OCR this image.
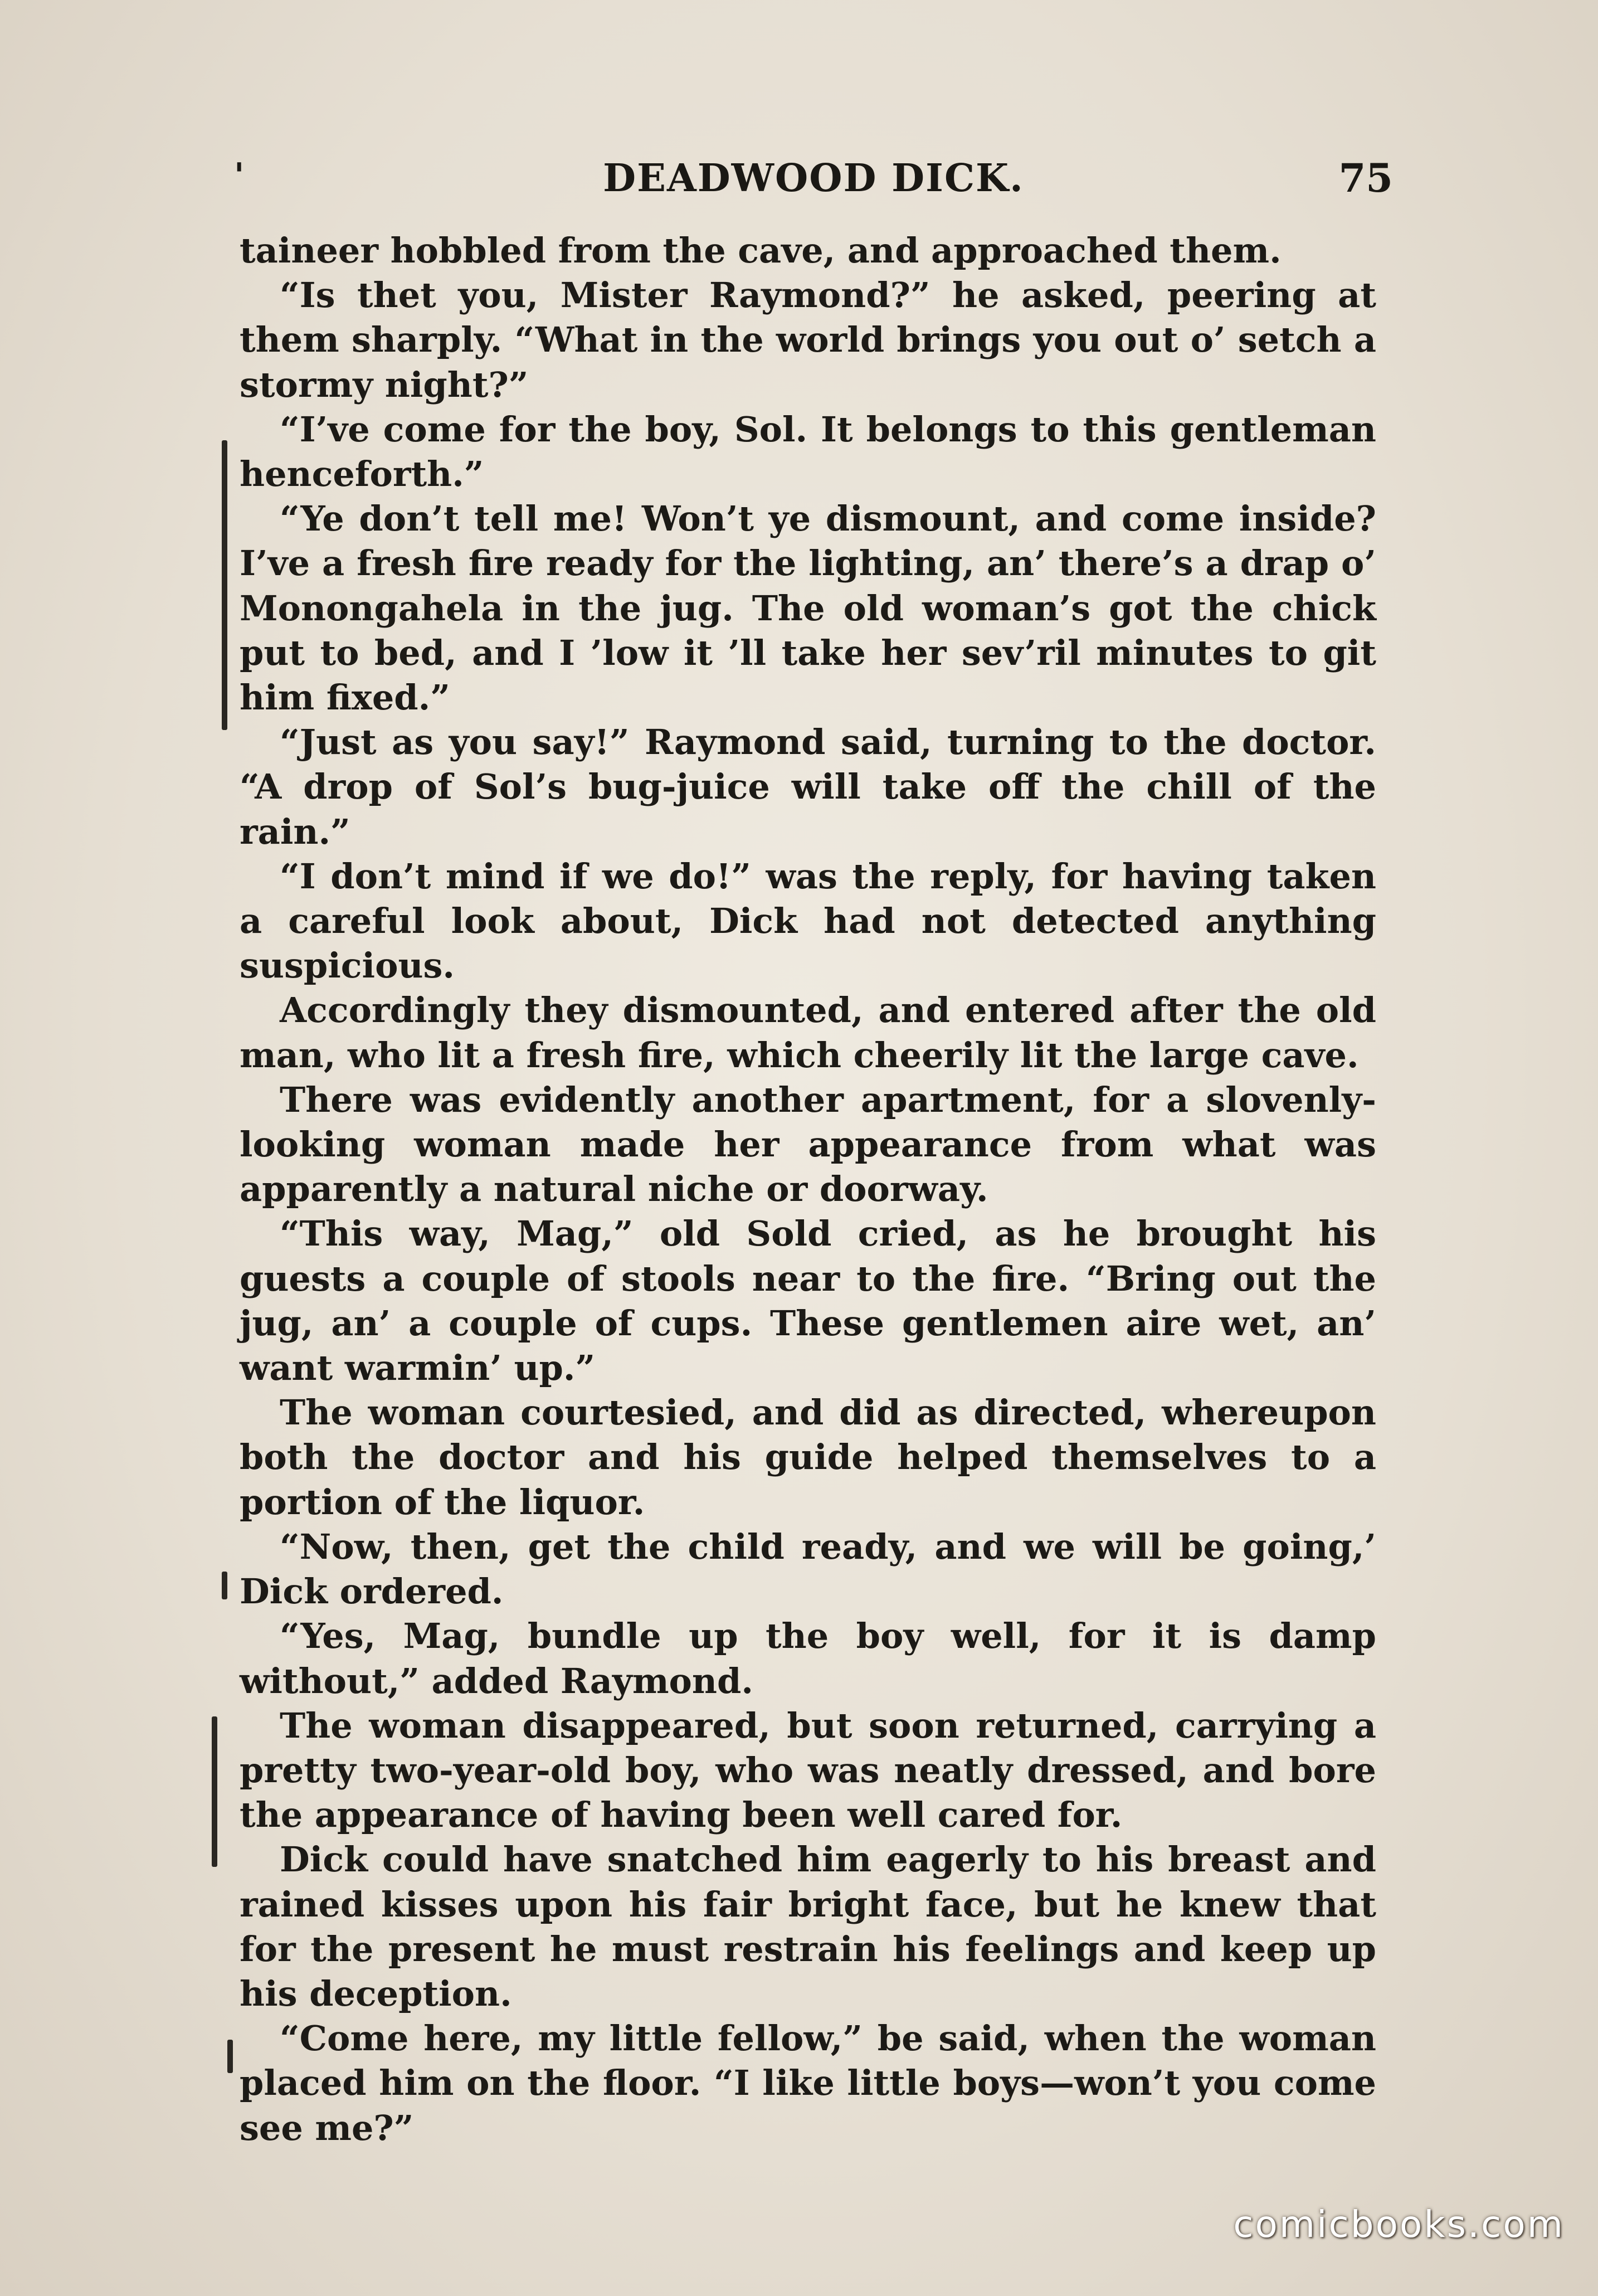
'	DEADWOOD DICK.	75

taineer hobbled from the cave, and approached them.

“Is thet you, Mister Raymond?” he asked, peering at them sharply. “What in the world brings you out o’ setch a stormy night?”

“I’ve come for the boy, Sol. It belongs to this gentleman henceforth.”

“Ye don’t tell me! Won’t ye dismount, and come inside? I’ve a fresh fire ready for the lighting, an’ there’s a drap o’ Monongahela in the jug. The old woman’s got the chick put to bed, and I ’low it ’ll take her sev’ril minutes to git him fixed.”

“Just as you say!” Raymond said, turning to the doctor. “A drop of Sol’s bug-juice will take off the chill of the rain.”

“I don’t mind if we do!” was the reply, for having taken a careful look about, Dick had not detected anything suspicious.

Accordingly they dismounted, and entered after the old man, who lit a fresh fire, which cheerily lit the large cave.

There was evidently another apartment, for a slovenly-looking woman made her appearance from what was apparently a natural niche or doorway.

“This way, Mag,” old Sold cried, as he brought his guests a couple of stools near to the fire. “Bring out the jug, an’ a couple of cups. These gentlemen aire wet, an’ want warmin’ up.”

The woman courtesied, and did as directed, whereupon both the doctor and his guide helped themselves to a portion of the liquor.

“Now, then, get the child ready, and we will be going,’ Dick ordered.

“Yes, Mag, bundle up the boy well, for it is damp without,” added Raymond.

The woman disappeared, but soon returned, carrying a pretty two-year-old boy, who was neatly dressed, and bore the appearance of having been well cared for.

Dick could have snatched him eagerly to his breast and rained kisses upon his fair bright face, but he knew that for the present he must restrain his feelings and keep up his deception.

“Come here, my little fellow,” be said, when the woman placed him on the floor. “I like little boys—won’t you come see me?”

comicbooks.com
